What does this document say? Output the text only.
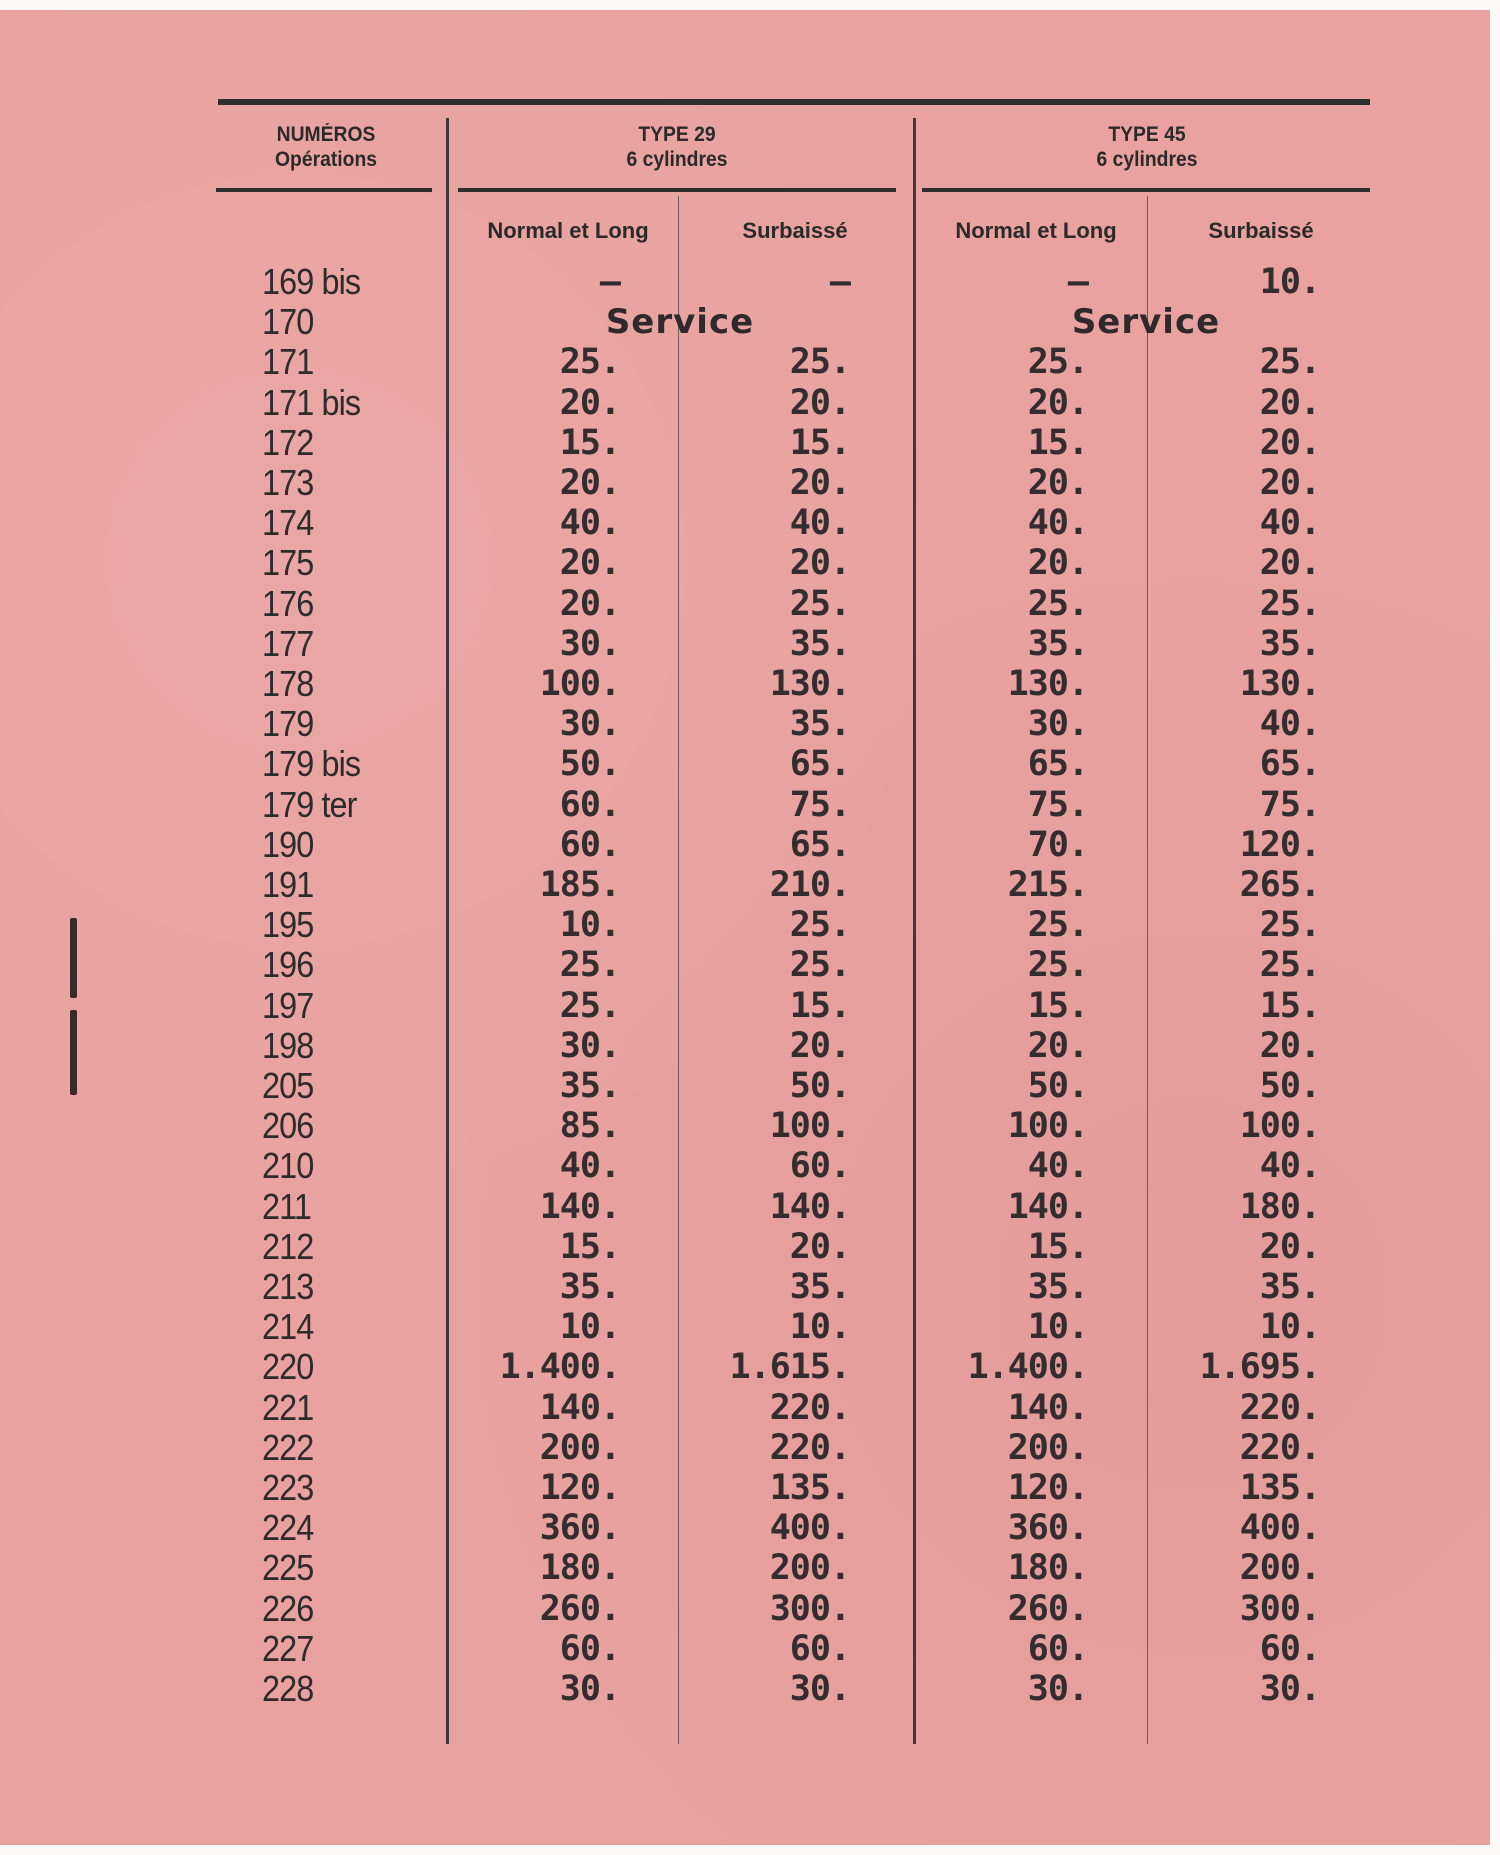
NUMÉROS
Opérations
TYPE 29
6 cylindres
TYPE 45
6 cylindres
Normal et Long	Surbaissé	Normal et Long	Surbaissé
169 bis	—	—	—	10.
170	Service	Service
171	25.	25.	25.	25.
171 bis	20.	20.	20.	20.
172	15.	15.	15.	20.
173	20.	20.	20.	20.
174	40.	40.	40.	40.
175	20.	20.	20.	20.
176	20.	25.	25.	25.
177	30.	35.	35.	35.
178	100.	130.	130.	130.
179	30.	35.	30.	40.
179 bis	50.	65.	65.	65.
179 ter	60.	75.	75.	75.
190	60.	65.	70.	120.
191	185.	210.	215.	265.
195	10.	25.	25.	25.
196	25.	25.	25.	25.
197	25.	15.	15.	15.
198	30.	20.	20.	20.
205	35.	50.	50.	50.
206	85.	100.	100.	100.
210	40.	60.	40.	40.
211	140.	140.	140.	180.
212	15.	20.	15.	20.
213	35.	35.	35.	35.
214	10.	10.	10.	10.
220	1.400.	1.615.	1.400.	1.695.
221	140.	220.	140.	220.
222	200.	220.	200.	220.
223	120.	135.	120.	135.
224	360.	400.	360.	400.
225	180.	200.	180.	200.
226	260.	300.	260.	300.
227	60.	60.	60.	60.
228	30.	30.	30.	30.
